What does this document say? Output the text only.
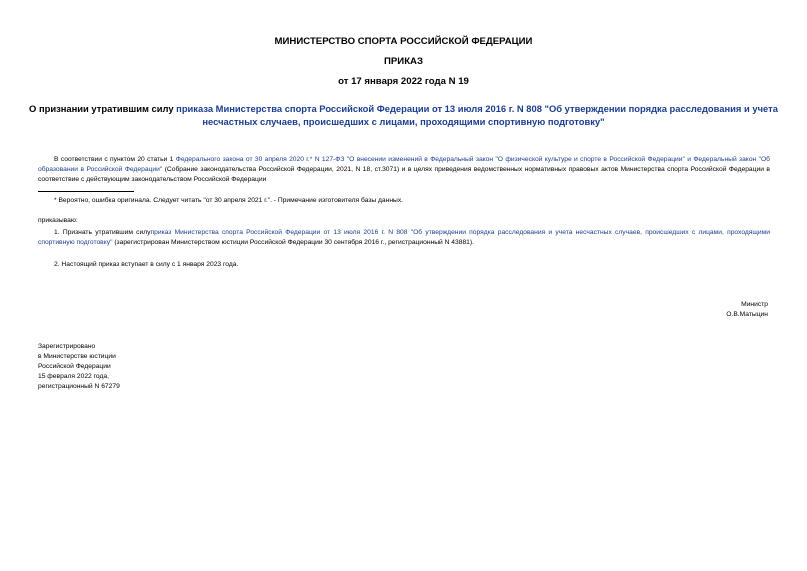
МИНИСТЕРСТВО СПОРТА РОССИЙСКОЙ ФЕДЕРАЦИИ
ПРИКАЗ
от 17 января 2022 года N 19
О признании утратившим силу приказа Министерства спорта Российской Федерации от 13 июля 2016 г. N 808 "Об утверждении порядка расследования и учета
несчастных случаев, происшедших с лицами, проходящими спортивную подготовку"
В соответствии с пунктом 20 статьи 1 Федерального закона от 30 апреля 2020 г.* N 127-ФЗ "О внесении изменений в Федеральный закон "О физической культуре и спорте в Российской Федерации" и Федеральный закон "Об образовании в Российской Федерации" (Собрание законодательства Российской Федерации, 2021, N 18, ст.3071) и в целях приведения ведомственных нормативных правовых актов Министерства спорта Российской Федерации в соответствие с действующим законодательством Российской Федерации
* Вероятно, ошибка оригинала. Следует читать "от 30 апреля 2021 г.". - Примечание изготовителя базы данных.
приказываю:
1. Признать утратившим силуприказ Министерства спорта Российской Федерации от 13 июля 2016 г. N 808 "Об утверждении порядка расследования и учета несчастных случаев, происшедших с лицами, проходящими спортивную подготовку" (зарегистрирован Министерством юстиции Российской Федерации 30 сентября 2016 г., регистрационный N 43881).
2. Настоящий приказ вступает в силу с 1 января 2023 года.
Министр
О.В.Матыцин
Зарегистрировано
в Министерстве юстиции
Российской Федерации
15 февраля 2022 года,
регистрационный N 67279
